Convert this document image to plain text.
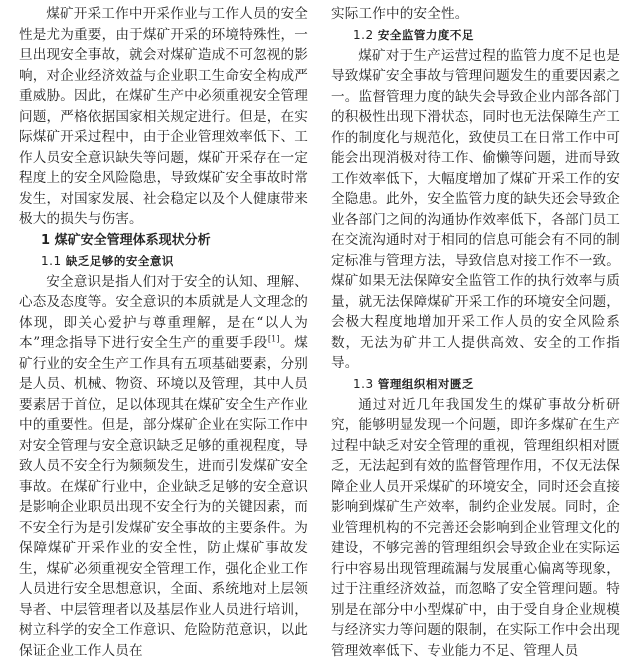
煤矿开采工作中开采作业与工作人员的安全性是尤为重要，由于煤矿开采的环境特殊性，一旦出现安全事故，就会对煤矿造成不可忽视的影响，对企业经济效益与企业职工生命安全构成严重威胁。因此，在煤矿生产中必须重视安全管理问题，严格依据国家相关规定进行。但是，在实际煤矿开采过程中，由于企业管理效率低下、工作人员安全意识缺失等问题，煤矿开采存在一定程度上的安全风险隐患，导致煤矿安全事故时常发生，对国家发展、社会稳定以及个人健康带来极大的损失与伤害。

1 煤矿安全管理体系现状分析
1.1 缺乏足够的安全意识

安全意识是指人们对于安全的认知、理解、心态及态度等。安全意识的本质就是人文理念的体现，即关心爱护与尊重理解，是在“以人为本”理念指导下进行安全生产的重要手段[1]。煤矿行业的安全生产工作具有五项基础要素，分别是人员、机械、物资、环境以及管理，其中人员要素居于首位，足以体现其在煤矿安全生产作业中的重要性。但是，部分煤矿企业在实际工作中对安全管理与安全意识缺乏足够的重视程度，导致人员不安全行为频频发生，进而引发煤矿安全事故。在煤矿行业中，企业缺乏足够的安全意识是影响企业职员出现不安全行为的关键因素，而不安全行为是引发煤矿安全事故的主要条件。为保障煤矿开采作业的安全性，防止煤矿事故发生，煤矿必须重视安全管理工作，强化企业工作人员进行安全思想意识，全面、系统地对上层领导者、中层管理者以及基层作业人员进行培训，树立科学的安全工作意识、危险防范意识，以此保证企业工作人员在

实际工作中的安全性。

1.2 安全监管力度不足

煤矿对于生产运营过程的监管力度不足也是导致煤矿安全事故与管理问题发生的重要因素之一。监督管理力度的缺失会导致企业内部各部门的积极性出现下滑状态，同时也无法保障生产工作的制度化与规范化，致使员工在日常工作中可能会出现消极对待工作、偷懒等问题，进而导致工作效率低下，大幅度增加了煤矿开采工作的安全隐患。此外，安全监管力度的缺失还会导致企业各部门之间的沟通协作效率低下，各部门员工在交流沟通时对于相同的信息可能会有不同的制定标准与管理方法，导致信息对接工作不一致。煤矿如果无法保障安全监管工作的执行效率与质量，就无法保障煤矿开采工作的环境安全问题，会极大程度地增加开采工作人员的安全风险系数，无法为矿井工人提供高效、安全的工作指导。

1.3 管理组织相对匮乏

通过对近几年我国发生的煤矿事故分析研究，能够明显发现一个问题，即许多煤矿在生产过程中缺乏对安全管理的重视，管理组织相对匮乏，无法起到有效的监督管理作用，不仅无法保障企业人员开采煤矿的环境安全，同时还会直接影响到煤矿生产效率，制约企业发展。同时，企业管理机构的不完善还会影响到企业管理文化的建设，不够完善的管理组织会导致企业在实际运行中容易出现管理疏漏与发展重心偏离等现象，过于注重经济效益，而忽略了安全管理问题。特别是在部分中小型煤矿中，由于受自身企业规模与经济实力等问题的限制，在实际工作中会出现管理效率低下、专业能力不足、管理人员
